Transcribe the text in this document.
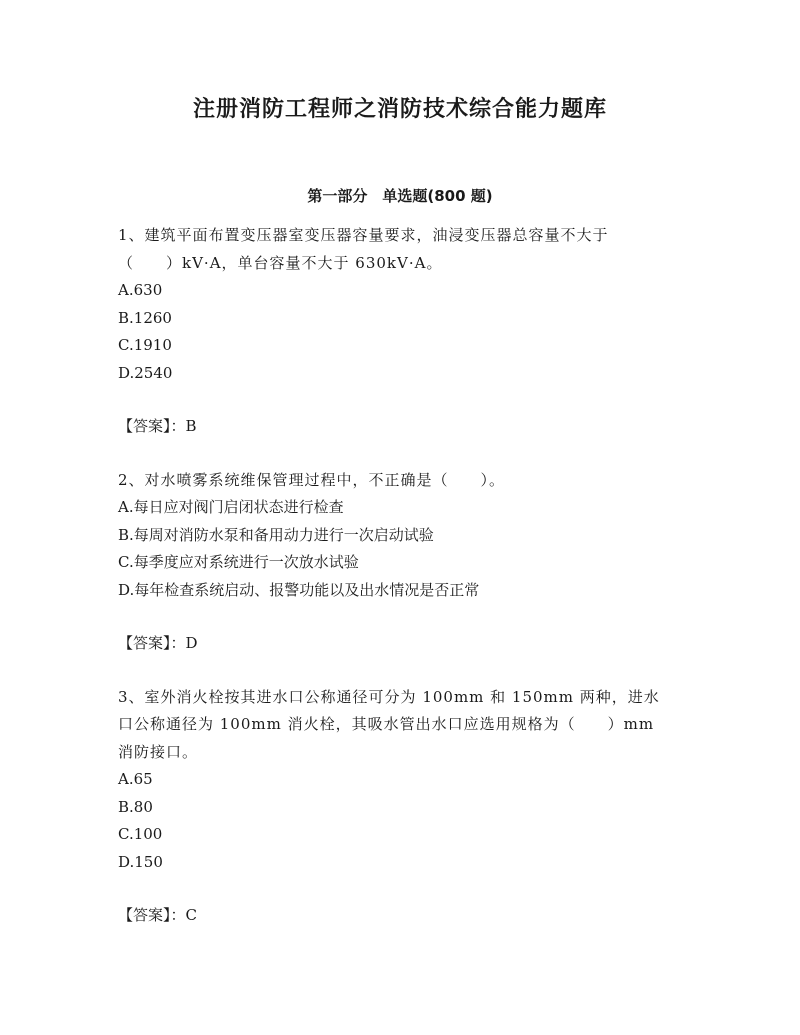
注册消防工程师之消防技术综合能力题库
第一部分　单选题(800 题)

1、建筑平面布置变压器室变压器容量要求，油浸变压器总容量不大于

（　　）kV·A，单台容量不大于 630kV·A。

A.630

B.1260

C.1910

D.2540

【答案】：B

2、对水喷雾系统维保管理过程中，不正确是（　　）。

A.每日应对阀门启闭状态进行检查

B.每周对消防水泵和备用动力进行一次启动试验

C.每季度应对系统进行一次放水试验

D.每年检查系统启动、报警功能以及出水情况是否正常

【答案】：D

3、室外消火栓按其进水口公称通径可分为 100mm 和 150mm 两种，进水

口公称通径为 100mm 消火栓，其吸水管出水口应选用规格为（　　）mm

消防接口。

A.65

B.80

C.100

D.150

【答案】：C
